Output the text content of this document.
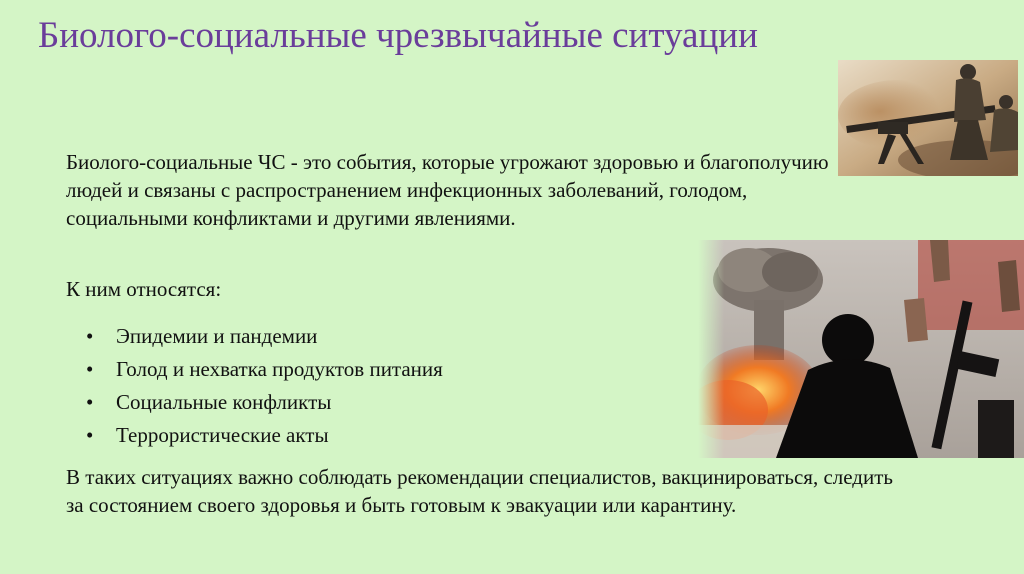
Биолого-социальные чрезвычайные ситуации
Биолого-социальные ЧС - это события, которые угрожают здоровью и благополучию людей и связаны с распространением инфекционных заболеваний, голодом, социальными конфликтами и другими явлениями.
К ним относятся:
• Эпидемии и пандемии
• Голод и нехватка продуктов питания
• Социальные конфликты
• Террористические акты
В таких ситуациях важно соблюдать рекомендации специалистов, вакцинироваться, следить за состоянием своего здоровья и быть готовым к эвакуации или карантину.
